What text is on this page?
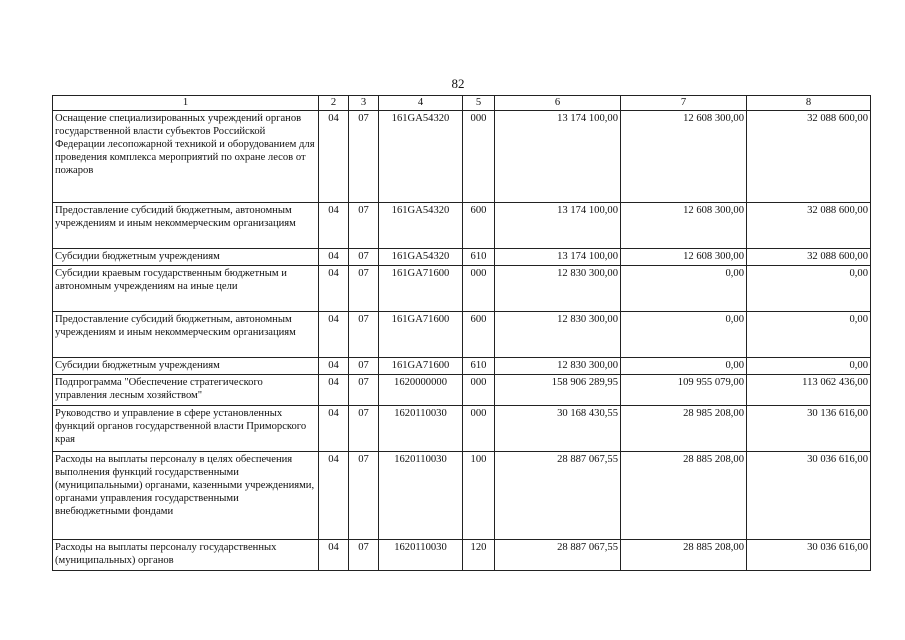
82
1	2	3	4	5	6	7	8
Оснащение специализированных учреждений органов государственной власти субъектов Российской Федерации лесопожарной техникой и оборудованием для проведения комплекса мероприятий по охране лесов от пожаров	04	07	161GA54320	000	13 174 100,00	12 608 300,00	32 088 600,00
Предоставление субсидий бюджетным, автономным учреждениям и иным некоммерческим организациям	04	07	161GA54320	600	13 174 100,00	12 608 300,00	32 088 600,00
Субсидии бюджетным учреждениям	04	07	161GA54320	610	13 174 100,00	12 608 300,00	32 088 600,00
Субсидии краевым государственным бюджетным и автономным учреждениям на иные цели	04	07	161GA71600	000	12 830 300,00	0,00	0,00
Предоставление субсидий бюджетным, автономным учреждениям и иным некоммерческим организациям	04	07	161GA71600	600	12 830 300,00	0,00	0,00
Субсидии бюджетным учреждениям	04	07	161GA71600	610	12 830 300,00	0,00	0,00
Подпрограмма "Обеспечение стратегического управления лесным хозяйством"	04	07	1620000000	000	158 906 289,95	109 955 079,00	113 062 436,00
Руководство и управление в сфере установленных функций органов государственной власти Приморского края	04	07	1620110030	000	30 168 430,55	28 985 208,00	30 136 616,00
Расходы на выплаты персоналу в целях обеспечения выполнения функций государственными (муниципальными) органами, казенными учреждениями, органами управления государственными внебюджетными фондами	04	07	1620110030	100	28 887 067,55	28 885 208,00	30 036 616,00
Расходы на выплаты персоналу государственных (муниципальных) органов	04	07	1620110030	120	28 887 067,55	28 885 208,00	30 036 616,00
